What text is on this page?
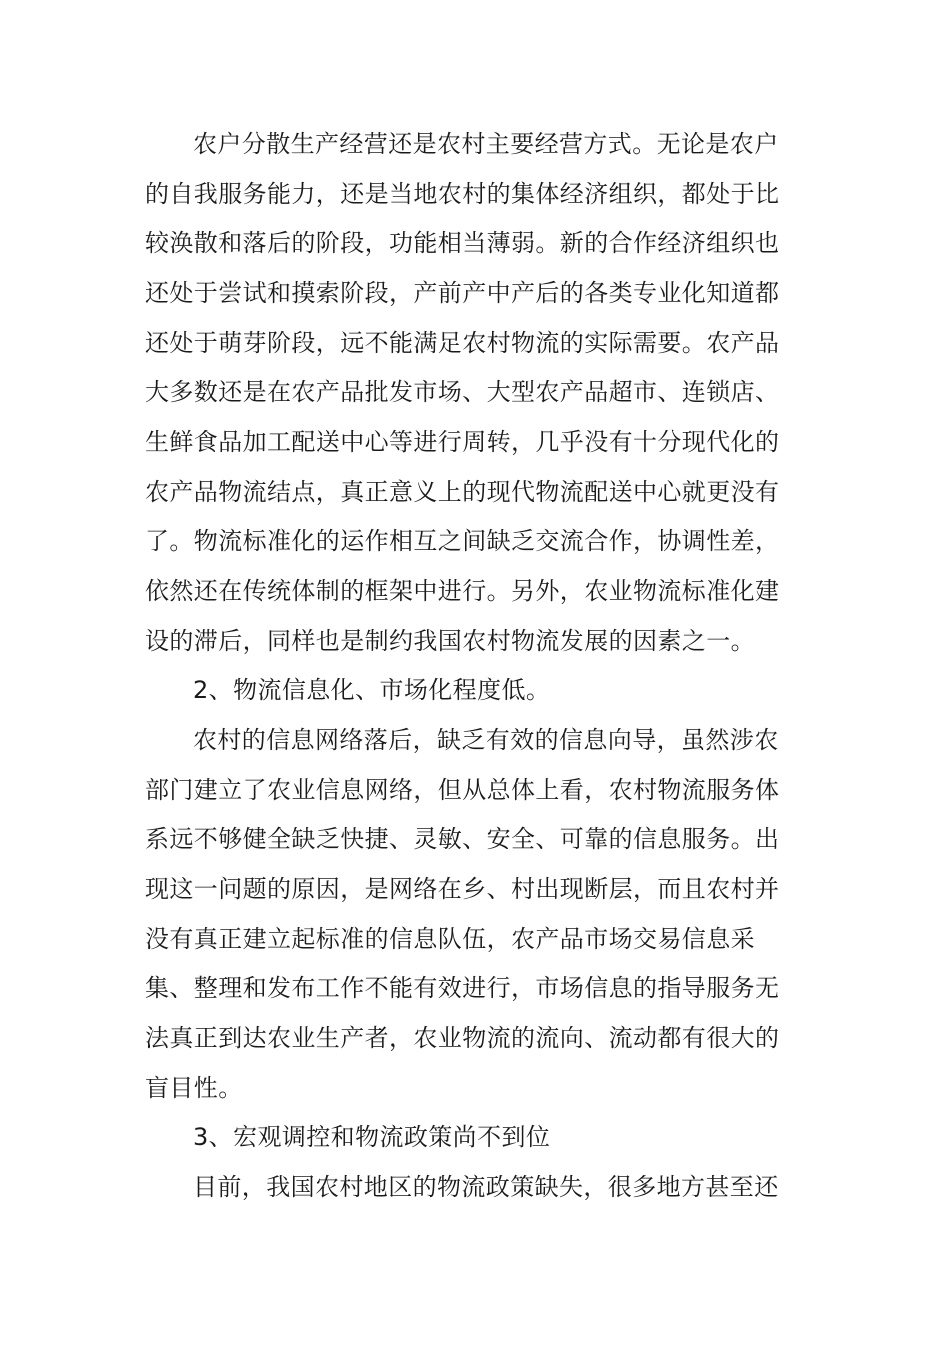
农户分散生产经营还是农村主要经营方式。无论是农户

的自我服务能力，还是当地农村的集体经济组织，都处于比

较涣散和落后的阶段，功能相当薄弱。新的合作经济组织也

还处于尝试和摸索阶段，产前产中产后的各类专业化知道都

还处于萌芽阶段，远不能满足农村物流的实际需要。农产品

大多数还是在农产品批发市场、大型农产品超市、连锁店、

生鲜食品加工配送中心等进行周转，几乎没有十分现代化的

农产品物流结点，真正意义上的现代物流配送中心就更没有

了。物流标准化的运作相互之间缺乏交流合作，协调性差，

依然还在传统体制的框架中进行。另外，农业物流标准化建

设的滞后，同样也是制约我国农村物流发展的因素之一。

2、物流信息化、市场化程度低。

农村的信息网络落后，缺乏有效的信息向导，虽然涉农

部门建立了农业信息网络，但从总体上看，农村物流服务体

系远不够健全缺乏快捷、灵敏、安全、可靠的信息服务。出

现这一问题的原因，是网络在乡、村出现断层，而且农村并

没有真正建立起标准的信息队伍，农产品市场交易信息采

集、整理和发布工作不能有效进行，市场信息的指导服务无

法真正到达农业生产者，农业物流的流向、流动都有很大的

盲目性。

3、宏观调控和物流政策尚不到位

目前，我国农村地区的物流政策缺失，很多地方甚至还
